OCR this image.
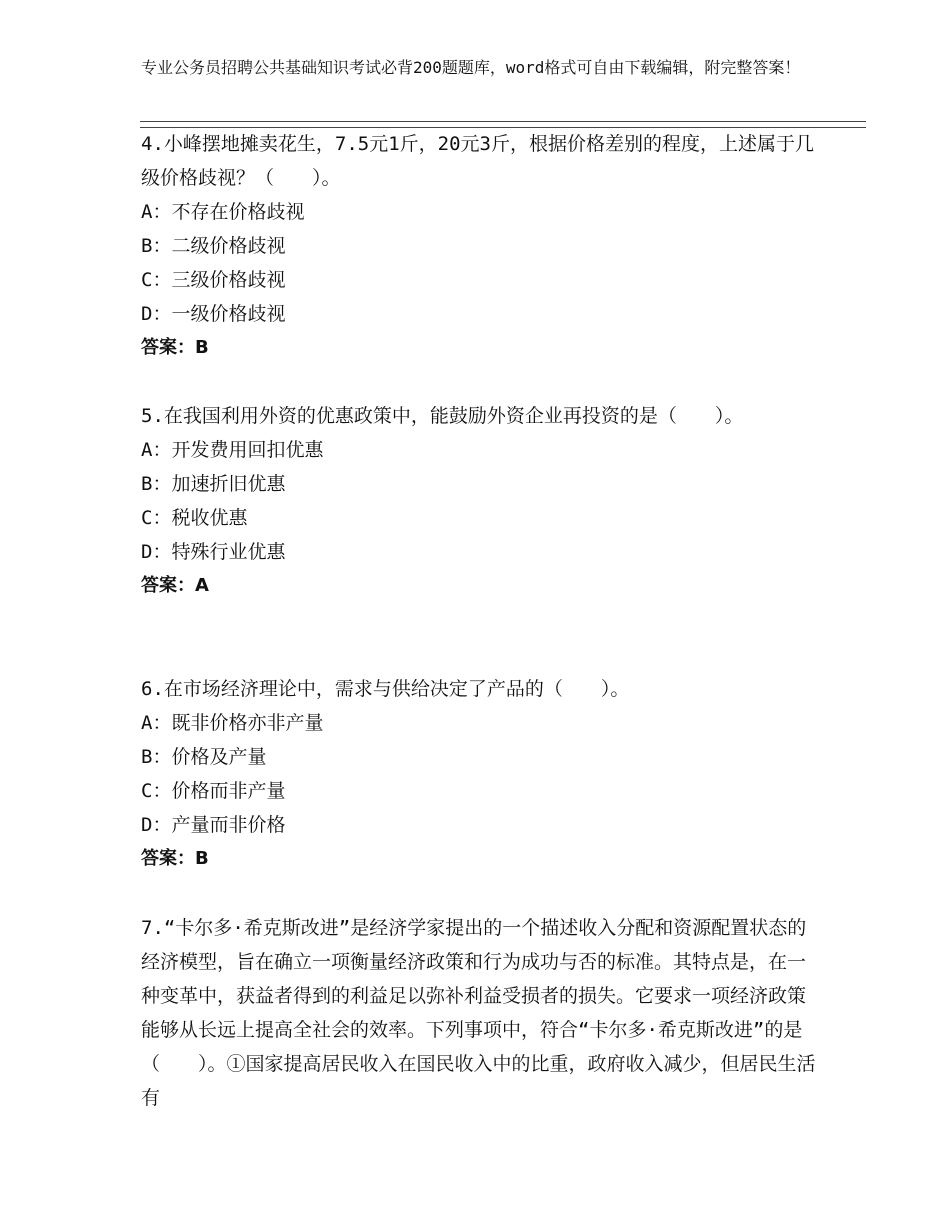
专业公务员招聘公共基础知识考试必背200题题库，word格式可自由下载编辑，附完整答案！
4.小峰摆地摊卖花生，7.5元1斤，20元3斤，根据价格差别的程度，上述属于几级价格歧视？（　　）。
A：不存在价格歧视
B：二级价格歧视
C：三级价格歧视
D：一级价格歧视
答案：B
5.在我国利用外资的优惠政策中，能鼓励外资企业再投资的是（　　）。
A：开发费用回扣优惠
B：加速折旧优惠
C：税收优惠
D：特殊行业优惠
答案：A
6.在市场经济理论中，需求与供给决定了产品的（　　）。
A：既非价格亦非产量
B：价格及产量
C：价格而非产量
D：产量而非价格
答案：B
7.“卡尔多·希克斯改进”是经济学家提出的一个描述收入分配和资源配置状态的经济模型，旨在确立一项衡量经济政策和行为成功与否的标准。其特点是，在一种变革中，获益者得到的利益足以弥补利益受损者的损失。它要求一项经济政策能够从长远上提高全社会的效率。下列事项中，符合“卡尔多·希克斯改进”的是（　　）。①国家提高居民收入在国民收入中的比重，政府收入减少，但居民生活有
